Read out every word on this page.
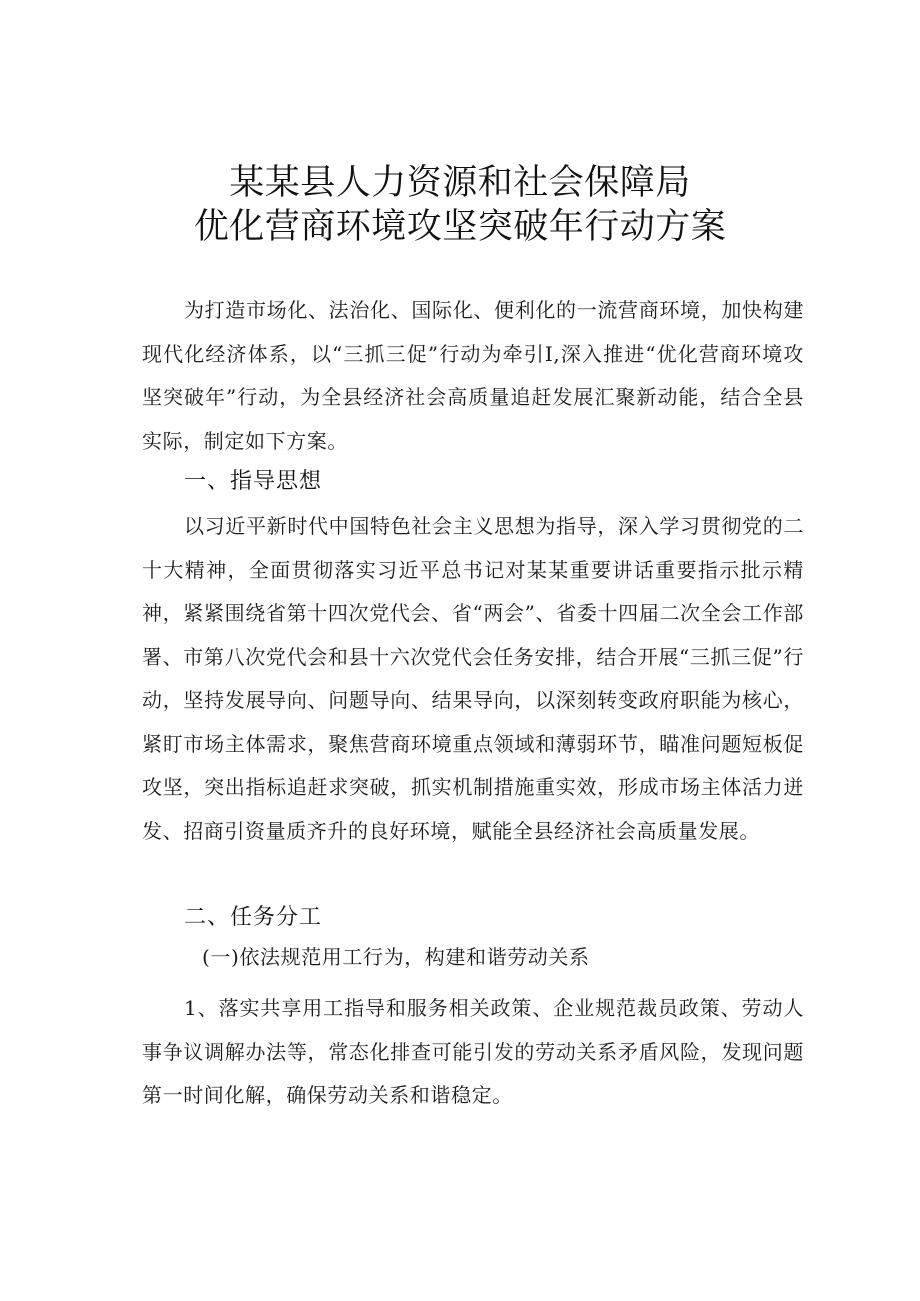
某某县人力资源和社会保障局
优化营商环境攻坚突破年行动方案

为打造市场化、法治化、国际化、便利化的一流营商环境，加快构建现代化经济体系，以“三抓三促”行动为牵引I,深入推进“优化营商环境攻坚突破年”行动，为全县经济社会高质量追赶发展汇聚新动能，结合全县实际，制定如下方案。

一、指导思想

以习近平新时代中国特色社会主义思想为指导，深入学习贯彻党的二十大精神，全面贯彻落实习近平总书记对某某重要讲话重要指示批示精神，紧紧围绕省第十四次党代会、省“两会”、省委十四届二次全会工作部署、市第八次党代会和县十六次党代会任务安排，结合开展“三抓三促”行动，坚持发展导向、问题导向、结果导向，以深刻转变政府职能为核心，紧盯市场主体需求，聚焦营商环境重点领域和薄弱环节，瞄准问题短板促攻坚，突出指标追赶求突破，抓实机制措施重实效，形成市场主体活力迸发、招商引资量质齐升的良好环境，赋能全县经济社会高质量发展。

二、任务分工
(一)依法规范用工行为，构建和谐劳动关系

1、落实共享用工指导和服务相关政策、企业规范裁员政策、劳动人事争议调解办法等，常态化排查可能引发的劳动关系矛盾风险，发现问题第一时间化解，确保劳动关系和谐稳定。
